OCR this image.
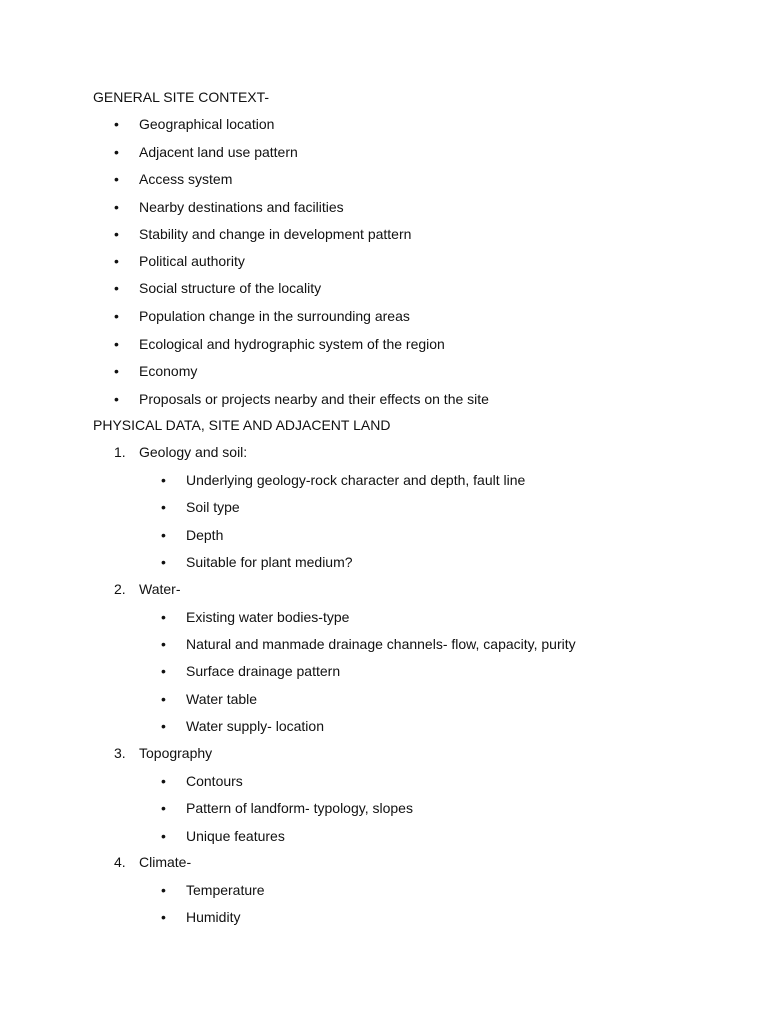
GENERAL SITE CONTEXT-
• Geographical location
• Adjacent land use pattern
• Access system
• Nearby destinations and facilities
• Stability and change in development pattern
• Political authority
• Social structure of the locality
• Population change in the surrounding areas
• Ecological and hydrographic system of the region
• Economy
• Proposals or projects nearby and their effects on the site
PHYSICAL DATA, SITE AND ADJACENT LAND
1. Geology and soil:
• Underlying geology-rock character and depth, fault line
• Soil type
• Depth
• Suitable for plant medium?
2. Water-
• Existing water bodies-type
• Natural and manmade drainage channels- flow, capacity, purity
• Surface drainage pattern
• Water table
• Water supply- location
3. Topography
• Contours
• Pattern of landform- typology, slopes
• Unique features
4. Climate-
• Temperature
• Humidity
